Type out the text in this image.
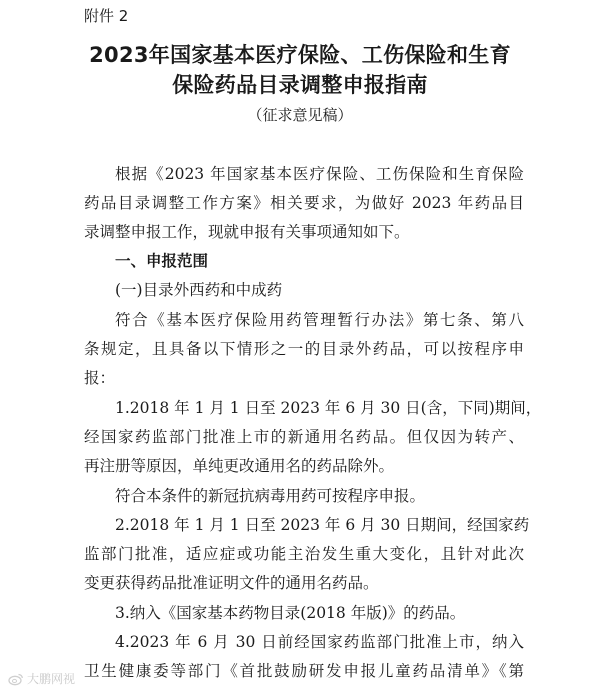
附件 2
2023年国家基本医疗保险、工伤保险和生育
保险药品目录调整申报指南
（征求意见稿）
根据《2023 年国家基本医疗保险、工伤保险和生育保险
药品目录调整工作方案》相关要求，为做好 2023 年药品目
录调整申报工作，现就申报有关事项通知如下。
一、申报范围
(一)目录外西药和中成药
符合《基本医疗保险用药管理暂行办法》第七条、第八
条规定，且具备以下情形之一的目录外药品，可以按程序申
报：
1.2018 年 1 月 1 日至 2023 年 6 月 30 日(含，下同)期间，
经国家药监部门批准上市的新通用名药品。但仅因为转产、
再注册等原因，单纯更改通用名的药品除外。
符合本条件的新冠抗病毒用药可按程序申报。
2.2018 年 1 月 1 日至 2023 年 6 月 30 日期间，经国家药
监部门批准，适应症或功能主治发生重大变化，且针对此次
变更获得药品批准证明文件的通用名药品。
3.纳入《国家基本药物目录(2018 年版)》的药品。
4.2023 年 6 月 30 日前经国家药监部门批准上市，纳入
卫生健康委等部门《首批鼓励研发申报儿童药品清单》《第
大鹏网视
